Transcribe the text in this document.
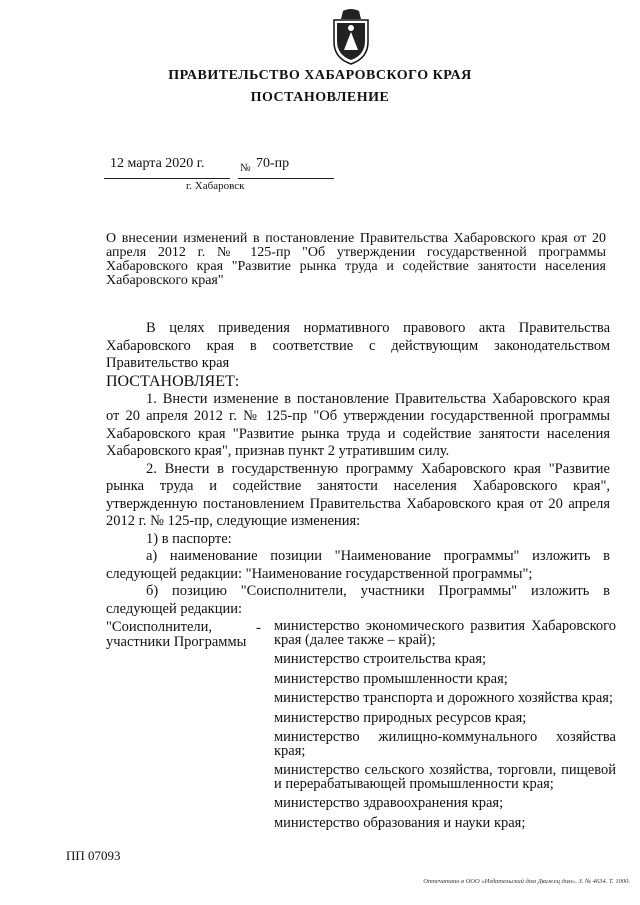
ПРАВИТЕЛЬСТВО ХАБАРОВСКОГО КРАЯ
ПОСТАНОВЛЕНИЕ
12 марта 2020 г.	№ 70-пр
г. Хабаровск
О внесении изменений в постановление Правительства Хабаровского края от 20 апреля 2012 г. № 125-пр "Об утверждении государственной программы Хабаровского края "Развитие рынка труда и содействие занятости населения Хабаровского края"

В целях приведения нормативного правового акта Правительства Хабаровского края в соответствие с действующим законодательством Правительство края

ПОСТАНОВЛЯЕТ:

1. Внести изменение в постановление Правительства Хабаровского края от 20 апреля 2012 г. № 125-пр "Об утверждении государственной программы Хабаровского края "Развитие рынка труда и содействие занятости населения Хабаровского края", признав пункт 2 утратившим силу.

2. Внести в государственную программу Хабаровского края "Развитие рынка труда и содействие занятости населения Хабаровского края", утвержденную постановлением Правительства Хабаровского края от 20 апреля 2012 г. № 125-пр, следующие изменения:

1) в паспорте:

а) наименование позиции "Наименование программы" изложить в следующей редакции: "Наименование государственной программы";

б) позицию "Соисполнители, участники Программы" изложить в следующей редакции:

"Соисполнители, участники Программы
- министерство экономического развития Хабаровского края (далее также – край);

министерство строительства края;

министерство промышленности края;

министерство транспорта и дорожного хозяйства края;

министерство природных ресурсов края;

министерство жилищно-коммунального хозяйства края;

министерство сельского хозяйства, торговли, пищевой и перерабатывающей промышленности края;

министерство здравоохранения края;

министерство образования и науки края;

ПП 07093
Отпечатано в ООО «Издательский дом Движец дом». З. № 4634. Т. 1000.
